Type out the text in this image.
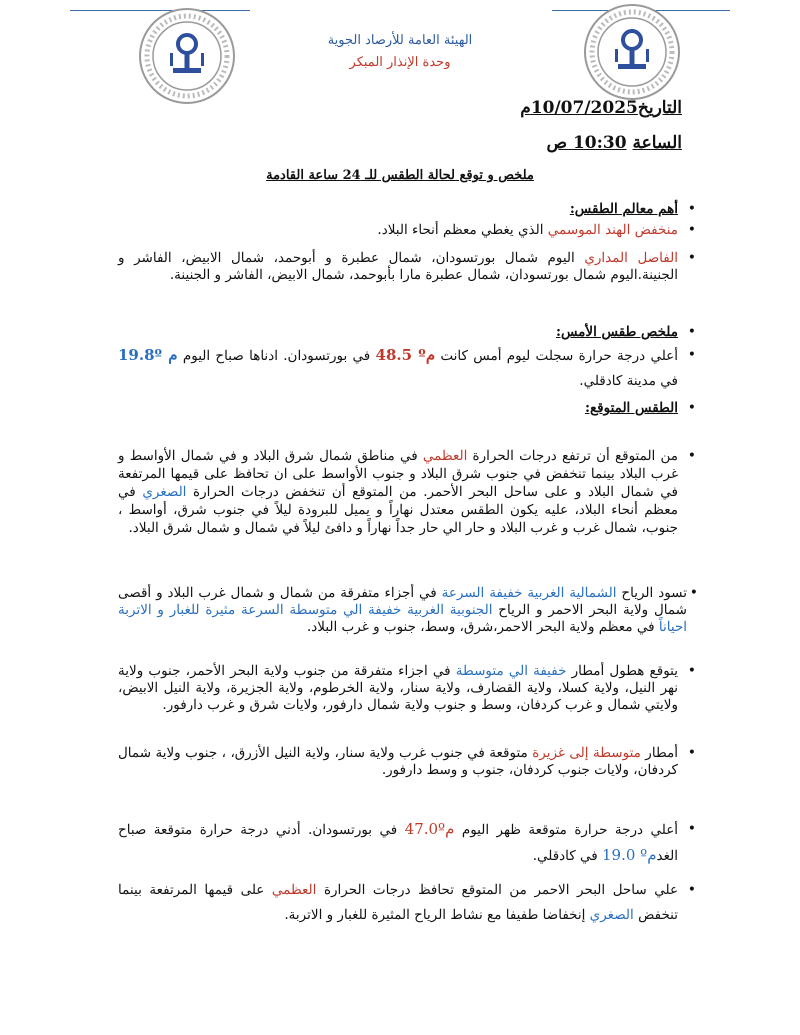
الهيئة العامة للأرصاد الجوية
وحدة الإنذار المبكر
التاريخ10/07/2025م
الساعة 10:30 ص
ملخص و توقع لحالة الطقس للـ 24 ساعة القادمة
• أهم معالم الطقس:
• منخفض الهند الموسمي الذي يغطي معظم أنحاء البلاد.
• الفاصل المداري اليوم شمال بورتسودان، شمال عطبرة و أبوحمد، شمال الابيض، الفاشر و الجنينة.اليوم شمال بورتسودان، شمال عطبرة مارا بأبوحمد، شمال الابيض، الفاشر و الجنينة.
• ملخص طقس الأمس:
• أعلي درجة حرارة سجلت ليوم أمس كانت 48.5 ºم في بورتسودان. ادناها صباح اليوم 19.8º م في مدينة كادقلي.
• الطقس المتوقع:
• من المتوقع أن ترتفع درجات الحرارة العظمي في مناطق شمال شرق البلاد و في شمال الأواسط و غرب البلاد بينما تنخفض في جنوب شرق البلاد و جنوب الأواسط على ان تحافظ على قيمها المرتفعة في شمال البلاد و على ساحل البحر الأحمر. من المتوقع أن تنخفض درجات الحرارة الصغري في معظم أنحاء البلاد، عليه يكون الطقس معتدل نهاراً و يميل للبرودة ليلاً في جنوب شرق، أواسط ، جنوب، شمال غرب و غرب البلاد و حار الي حار جداً نهاراً و دافئ ليلاً في شمال و شمال شرق البلاد.
• تسود الرياح الشمالية الغربية خفيفة السرعة في أجزاء متفرقة من شمال و شمال غرب البلاد و أقصى شمال ولاية البحر الاحمر و الرياح الجنوبية الغربية خفيفة الي متوسطة السرعة مثيرة للغبار و الاتربة احياناً في معظم ولاية البحر الاحمر،شرق، وسط، جنوب و غرب البلاد.
• يتوقع هطول أمطار خفيفة الي متوسطة في اجزاء متفرقة من جنوب ولاية البحر الأحمر، جنوب ولاية نهر النيل، ولاية كسلا، ولاية القضارف، ولاية سنار، ولاية الخرطوم، ولاية الجزيرة، ولاية النيل الابيض، ولايتي شمال و غرب كردفان، وسط و جنوب ولاية شمال دارفور، ولايات شرق و غرب دارفور.
• أمطار متوسطة إلى غزيرة متوقعة في جنوب غرب ولاية سنار، ولاية النيل الأزرق، ، جنوب ولاية شمال كردفان، ولايات جنوب كردفان، جنوب و وسط دارفور.
• أعلي درجة حرارة متوقعة ظهر اليوم 47.0ºم في بورتسودان. أدني درجة حرارة متوقعة صباح الغد19.0 ºم في كادقلي.
• علي ساحل البحر الاحمر من المتوقع تحافظ درجات الحرارة العظمي على قيمها المرتفعة بينما تنخفض الصغري إنخفاضا طفيفا مع نشاط الرياح المثيرة للغبار و الاتربة.
